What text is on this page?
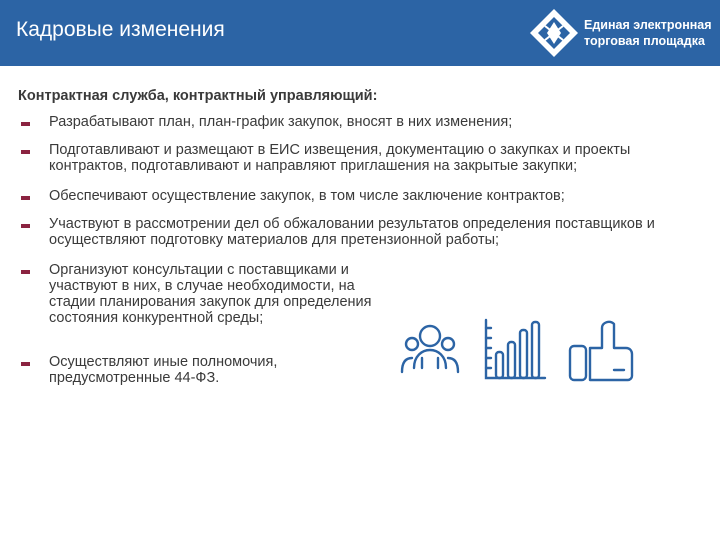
Кадровые изменения	Единая электронная
торговая площадка
Контрактная служба, контрактный управляющий:
Разрабатывают план, план-график закупок, вносят в них изменения;
Подготавливают и размещают в ЕИС извещения, документацию о закупках и проекты контрактов, подготавливают и направляют приглашения на закрытые закупки;
Обеспечивают осуществление закупок, в том числе заключение контрактов;
Участвуют в рассмотрении дел об обжаловании результатов определения поставщиков и осуществляют подготовку материалов для претензионной работы;
Организуют консультации с поставщиками и участвуют в них, в случае необходимости, на стадии планирования закупок для определения состояния конкурентной среды;
Осуществляют иные полномочия, предусмотренные 44-ФЗ.
